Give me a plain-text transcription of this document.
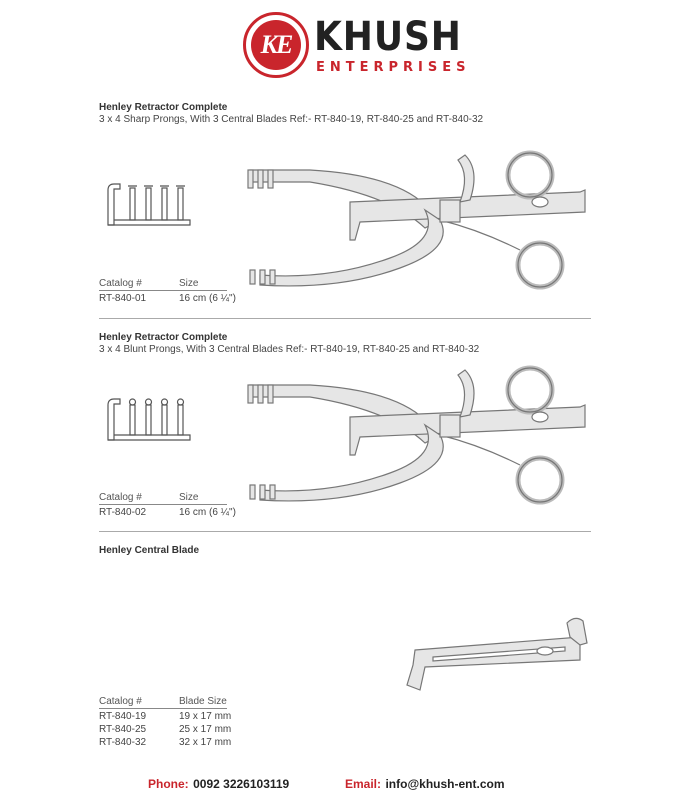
KE KHUSH
ENTERPRISES
Henley Retractor Complete
3 x 4 Sharp Prongs, With 3 Central Blades Ref:- RT-840-19, RT-840-25 and RT-840-32
Catalog #	Size
RT-840-01	16 cm (6 ¼")
Henley Retractor Complete
3 x 4 Blunt Prongs, With 3 Central Blades Ref:- RT-840-19, RT-840-25 and RT-840-32
Catalog #	Size
RT-840-02	16 cm (6 ¼")
Henley Central Blade
Catalog #	Blade Size
RT-840-19	19 x 17 mm
RT-840-25	25 x 17 mm
RT-840-32	32 x 17 mm
Phone: 0092 3226103119	Email: info@khush-ent.com
